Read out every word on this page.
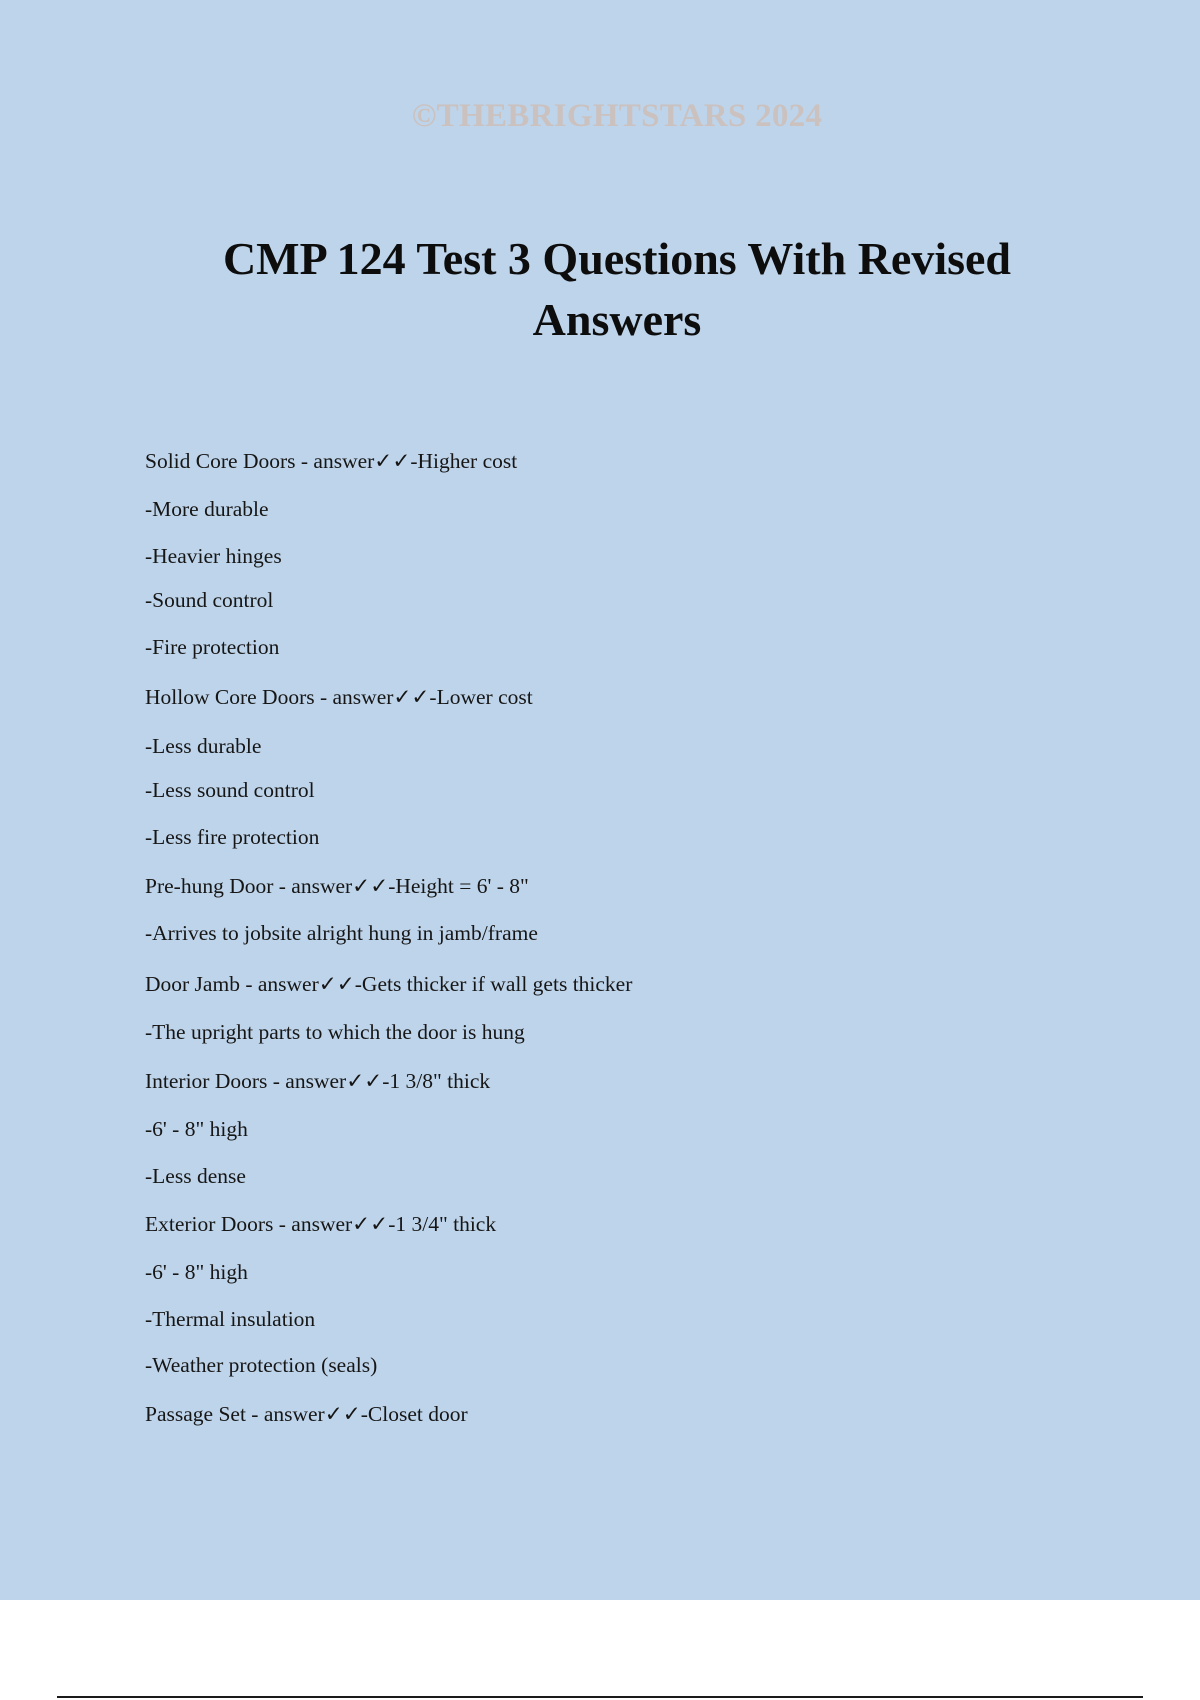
©THEBRIGHTSTARS 2024
CMP 124 Test 3 Questions With Revised Answers
Solid Core Doors - answer✓✓-Higher cost
-More durable
-Heavier hinges
-Sound control
-Fire protection
Hollow Core Doors - answer✓✓-Lower cost
-Less durable
-Less sound control
-Less fire protection
Pre-hung Door - answer✓✓-Height = 6' - 8"
-Arrives to jobsite alright hung in jamb/frame
Door Jamb - answer✓✓-Gets thicker if wall gets thicker
-The upright parts to which the door is hung
Interior Doors - answer✓✓-1 3/8" thick
-6' - 8" high
-Less dense
Exterior Doors - answer✓✓-1 3/4" thick
-6' - 8" high
-Thermal insulation
-Weather protection (seals)
Passage Set - answer✓✓-Closet door
